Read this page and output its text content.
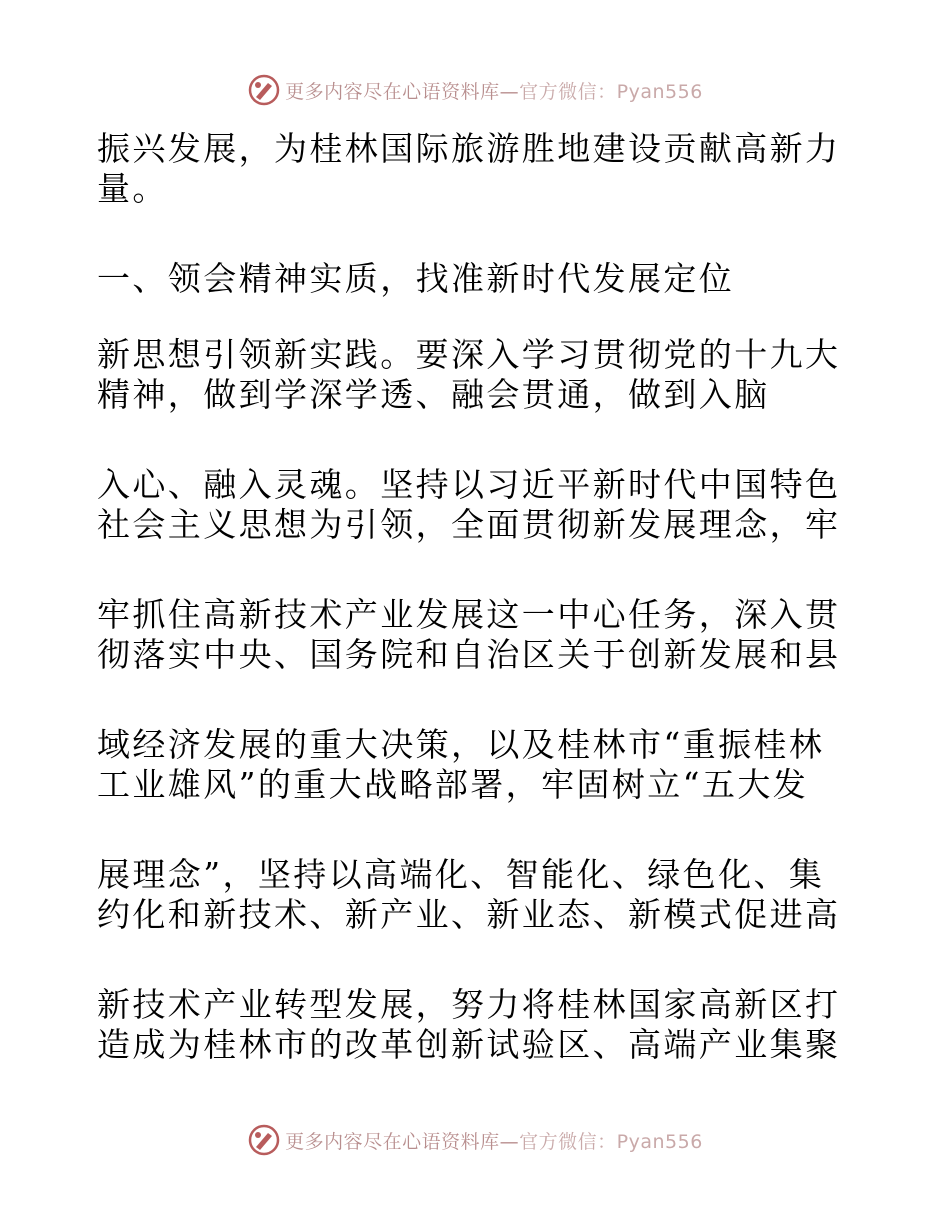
更多内容尽在心语资料库—官方微信：Pyan556
振兴发展，为桂林国际旅游胜地建设贡献高新力
量。
一、领会精神实质，找准新时代发展定位
新思想引领新实践。要深入学习贯彻党的十九大
精神，做到学深学透、融会贯通，做到入脑
入心、融入灵魂。坚持以习近平新时代中国特色
社会主义思想为引领，全面贯彻新发展理念，牢
牢抓住高新技术产业发展这一中心任务，深入贯
彻落实中央、国务院和自治区关于创新发展和县
域经济发展的重大决策，以及桂林市“重振桂林
工业雄风”的重大战略部署，牢固树立“五大发
展理念”，坚持以高端化、智能化、绿色化、集
约化和新技术、新产业、新业态、新模式促进高
新技术产业转型发展，努力将桂林国家高新区打
造成为桂林市的改革创新试验区、高端产业集聚
更多内容尽在心语资料库—官方微信：Pyan556
